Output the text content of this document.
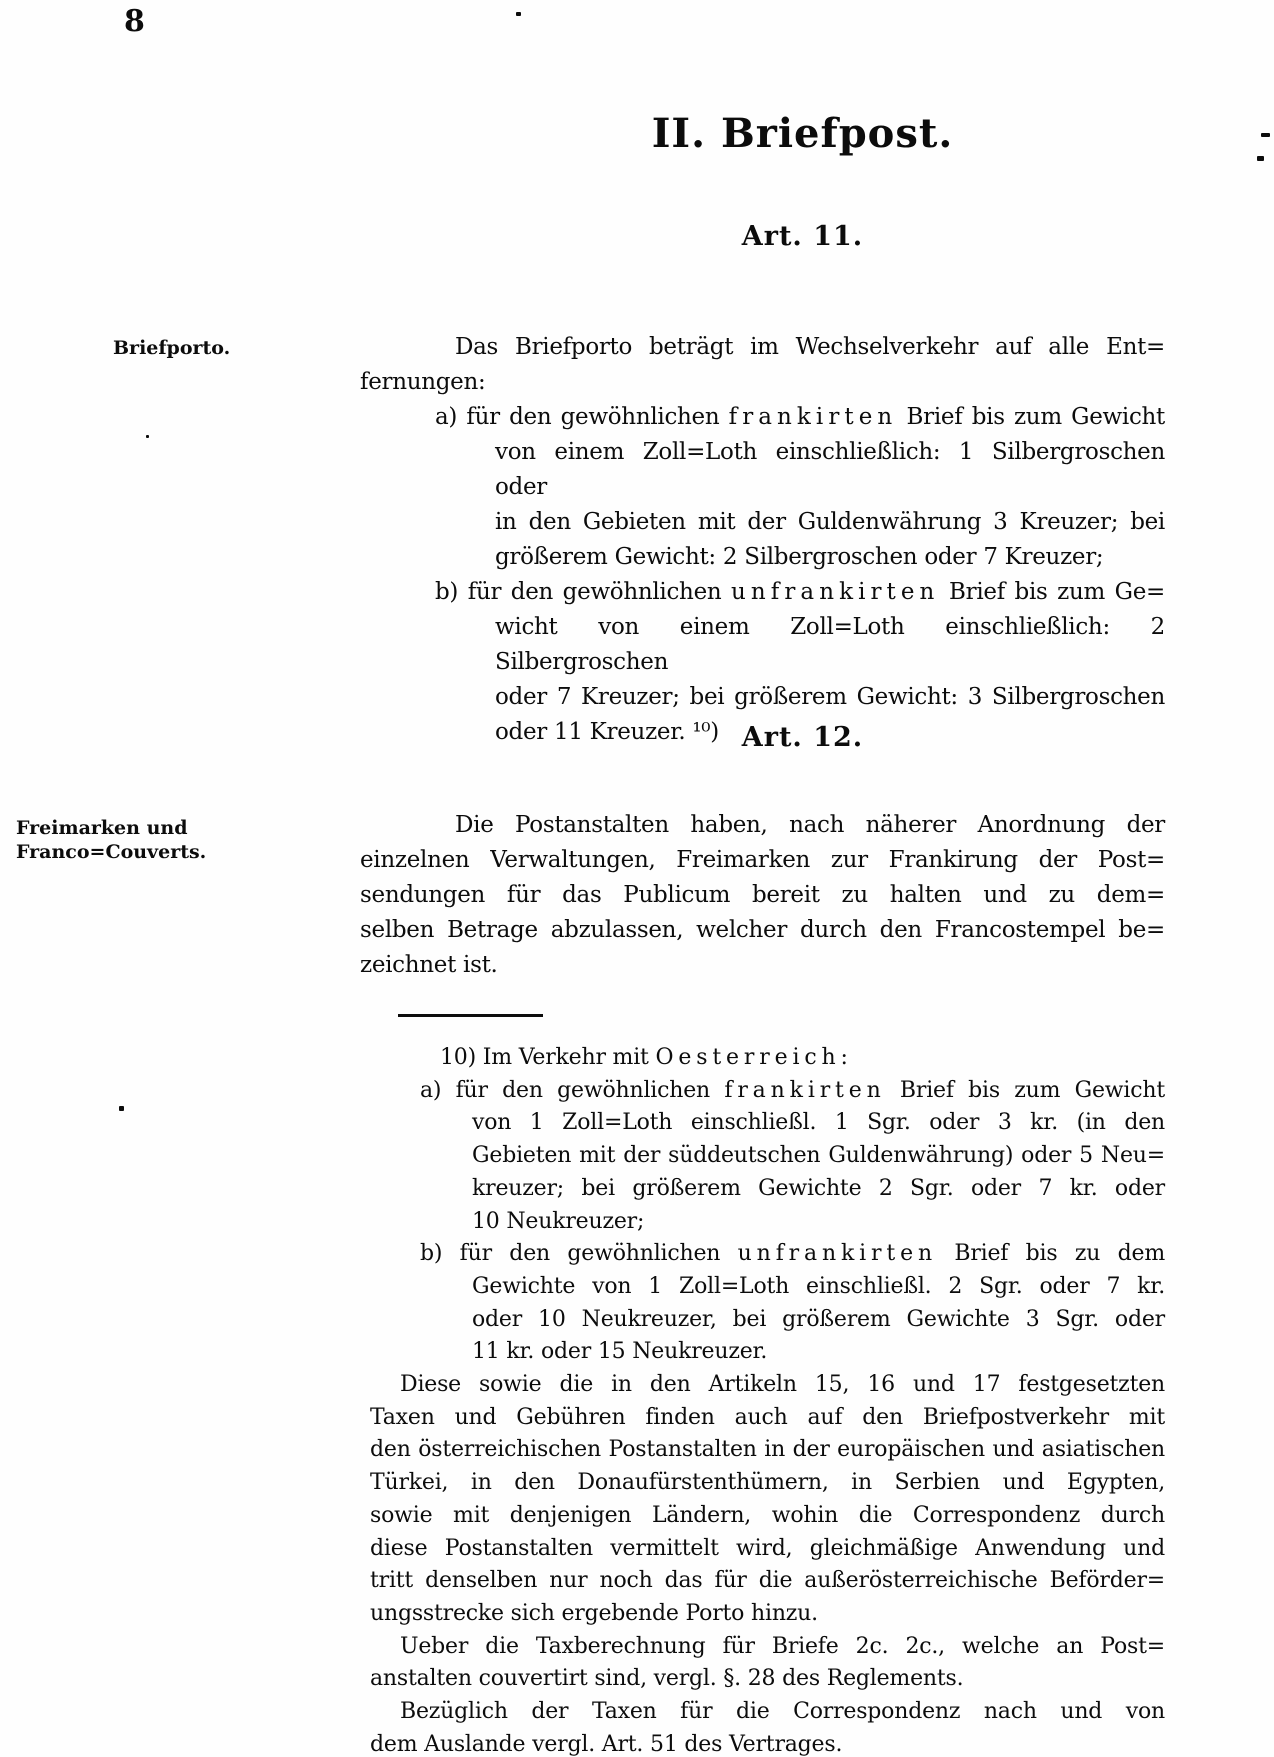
8
II. Briefpost.
Art. 11.
Briefporto.	Das Briefporto beträgt im Wechselverkehr auf alle Ent=
fernungen:
a) für den gewöhnlichen frankirten Brief bis zum Gewicht
von einem Zoll=Loth einschließlich: 1 Silbergroschen oder
in den Gebieten mit der Guldenwährung 3 Kreuzer; bei
größerem Gewicht: 2 Silbergroschen oder 7 Kreuzer;
b) für den gewöhnlichen unfrankirten Brief bis zum Ge=
wicht von einem Zoll=Loth einschließlich: 2 Silbergroschen
oder 7 Kreuzer; bei größerem Gewicht: 3 Silbergroschen
oder 11 Kreuzer. ¹⁰) Art. 12.
Freimarken und Franco=Couverts.
Die Postanstalten haben, nach näherer Anordnung der
einzelnen Verwaltungen, Freimarken zur Frankirung der Post=
sendungen für das Publicum bereit zu halten und zu dem=
selben Betrage abzulassen, welcher durch den Francostempel be=
zeichnet ist.
10) Im Verkehr mit Oesterreich:
a) für den gewöhnlichen frankirten Brief bis zum Gewicht
von 1 Zoll=Loth einschließl. 1 Sgr. oder 3 kr. (in den
Gebieten mit der süddeutschen Guldenwährung) oder 5 Neu=
kreuzer; bei größerem Gewichte 2 Sgr. oder 7 kr. oder
10 Neukreuzer;
b) für den gewöhnlichen unfrankirten Brief bis zu dem
Gewichte von 1 Zoll=Loth einschließl. 2 Sgr. oder 7 kr.
oder 10 Neukreuzer, bei größerem Gewichte 3 Sgr. oder
11 kr. oder 15 Neukreuzer.
Diese sowie die in den Artikeln 15, 16 und 17 festgesetzten
Taxen und Gebühren finden auch auf den Briefpostverkehr mit
den österreichischen Postanstalten in der europäischen und asiatischen
Türkei, in den Donaufürstenthümern, in Serbien und Egypten,
sowie mit denjenigen Ländern, wohin die Correspondenz durch
diese Postanstalten vermittelt wird, gleichmäßige Anwendung und
tritt denselben nur noch das für die außerösterreichische Beförder=
ungsstrecke sich ergebende Porto hinzu.
Ueber die Taxberechnung für Briefe 2c. 2c., welche an Post=
anstalten couvertirt sind, vergl. §. 28 des Reglements.
Bezüglich der Taxen für die Correspondenz nach und von
dem Auslande vergl. Art. 51 des Vertrages.
